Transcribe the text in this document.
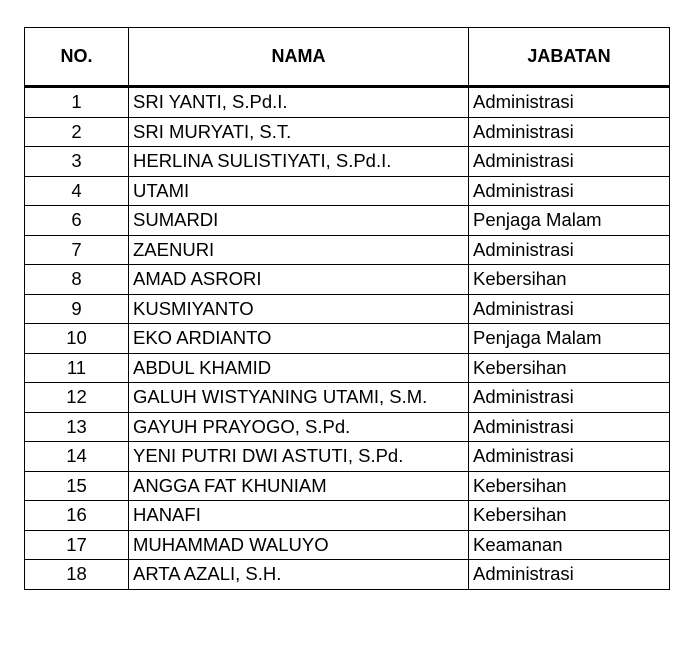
NO.	NAMA	JABATAN
1	SRI YANTI, S.Pd.I.	Administrasi
2	SRI MURYATI, S.T.	Administrasi
3	HERLINA SULISTIYATI, S.Pd.I.	Administrasi
4	UTAMI	Administrasi
6	SUMARDI	Penjaga Malam
7	ZAENURI	Administrasi
8	AMAD ASRORI	Kebersihan
9	KUSMIYANTO	Administrasi
10	EKO ARDIANTO	Penjaga Malam
11	ABDUL KHAMID	Kebersihan
12	GALUH WISTYANING UTAMI, S.M.	Administrasi
13	GAYUH PRAYOGO, S.Pd.	Administrasi
14	YENI PUTRI DWI ASTUTI, S.Pd.	Administrasi
15	ANGGA FAT KHUNIAM	Kebersihan
16	HANAFI	Kebersihan
17	MUHAMMAD WALUYO	Keamanan
18	ARTA AZALI, S.H.	Administrasi
